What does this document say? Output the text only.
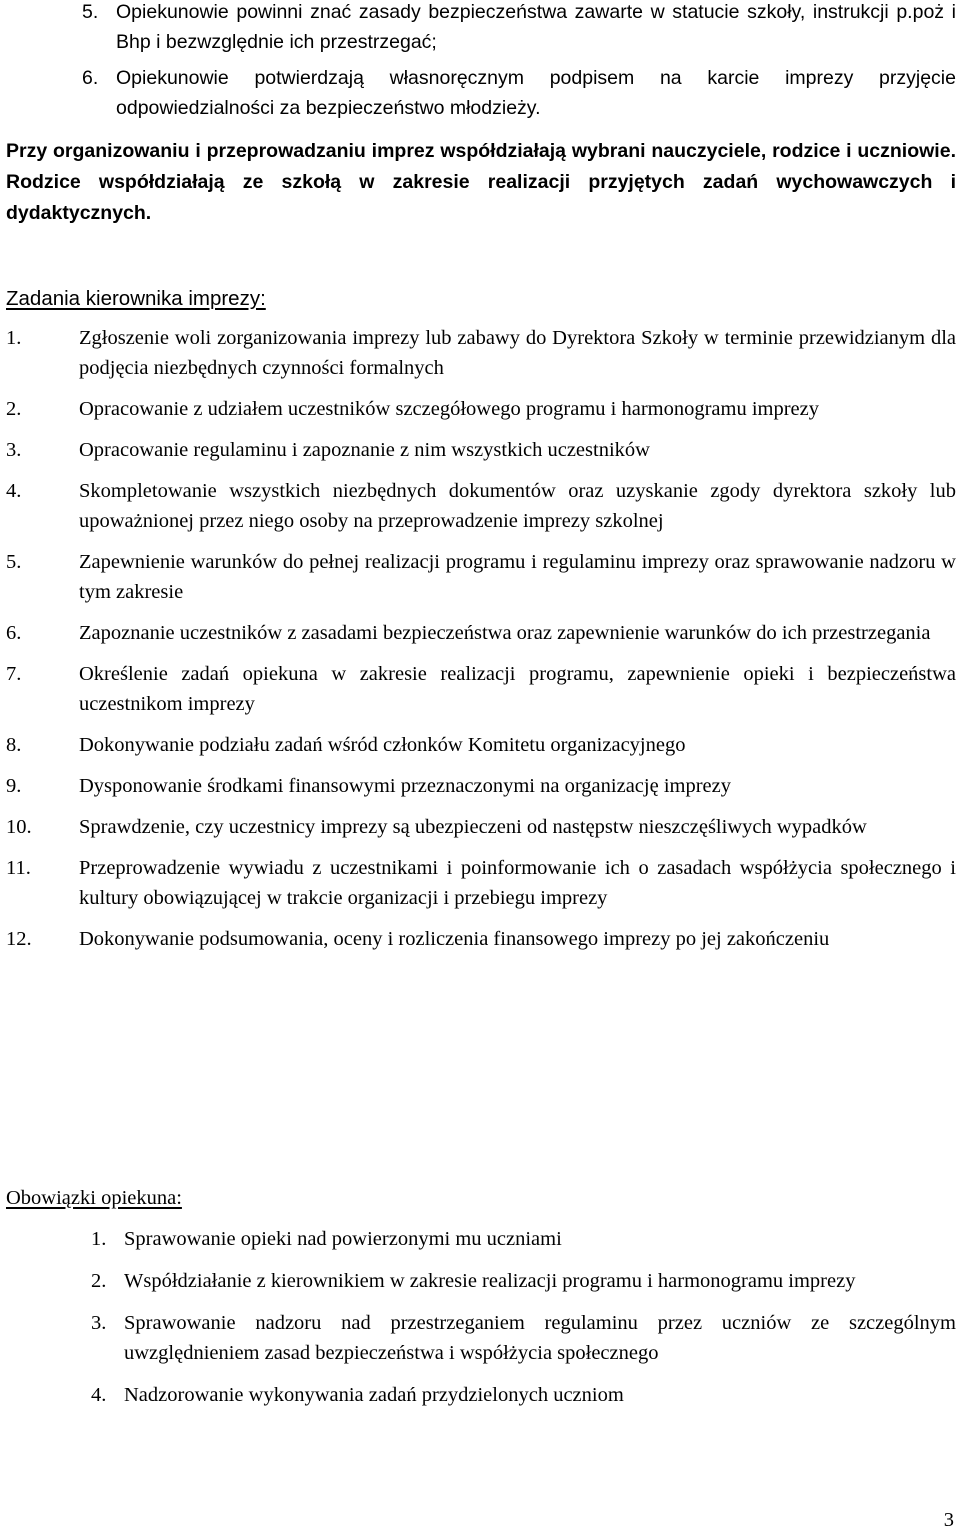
5. Opiekunowie powinni znać zasady bezpieczeństwa zawarte w statucie szkoły, instrukcji p.poż i Bhp i bezwzględnie ich przestrzegać;
6. Opiekunowie potwierdzają własnoręcznym podpisem na karcie imprezy przyjęcie odpowiedzialności za bezpieczeństwo młodzieży.

Przy organizowaniu i przeprowadzaniu imprez współdziałają wybrani nauczyciele, rodzice i uczniowie. Rodzice współdziałają ze szkołą w zakresie realizacji przyjętych zadań wychowawczych i dydaktycznych.

Zadania kierownika imprezy:
1.	Zgłoszenie woli zorganizowania imprezy lub zabawy do Dyrektora Szkoły w terminie przewidzianym dla podjęcia niezbędnych czynności formalnych
2.	Opracowanie z udziałem uczestników szczegółowego programu i harmonogramu imprezy
3.	Opracowanie regulaminu i zapoznanie z nim wszystkich uczestników
4.	Skompletowanie wszystkich niezbędnych dokumentów oraz uzyskanie zgody dyrektora szkoły lub upoważnionej przez niego osoby na przeprowadzenie imprezy szkolnej
5.	Zapewnienie warunków do pełnej realizacji programu i regulaminu imprezy oraz sprawowanie nadzoru w tym zakresie
6.	Zapoznanie uczestników z zasadami bezpieczeństwa oraz zapewnienie warunków do ich przestrzegania
7.	Określenie zadań opiekuna w zakresie realizacji programu, zapewnienie opieki i bezpieczeństwa uczestnikom imprezy
8.	Dokonywanie podziału zadań wśród członków Komitetu organizacyjnego
9.	Dysponowanie środkami finansowymi przeznaczonymi na organizację imprezy
10. Sprawdzenie, czy uczestnicy imprezy są ubezpieczeni od następstw nieszczęśliwych wypadków
11. Przeprowadzenie wywiadu z uczestnikami i poinformowanie ich o zasadach współżycia społecznego i kultury obowiązującej w trakcie organizacji i przebiegu imprezy
12. Dokonywanie podsumowania, oceny i rozliczenia finansowego imprezy po jej zakończeniu
Obowiązki opiekuna:
1. Sprawowanie opieki nad powierzonymi mu uczniami
2. Współdziałanie z kierownikiem w zakresie realizacji programu i harmonogramu imprezy
3. Sprawowanie nadzoru nad przestrzeganiem regulaminu przez uczniów ze szczególnym uwzględnieniem zasad bezpieczeństwa i współżycia społecznego
4. Nadzorowanie wykonywania zadań przydzielonych uczniom

3
